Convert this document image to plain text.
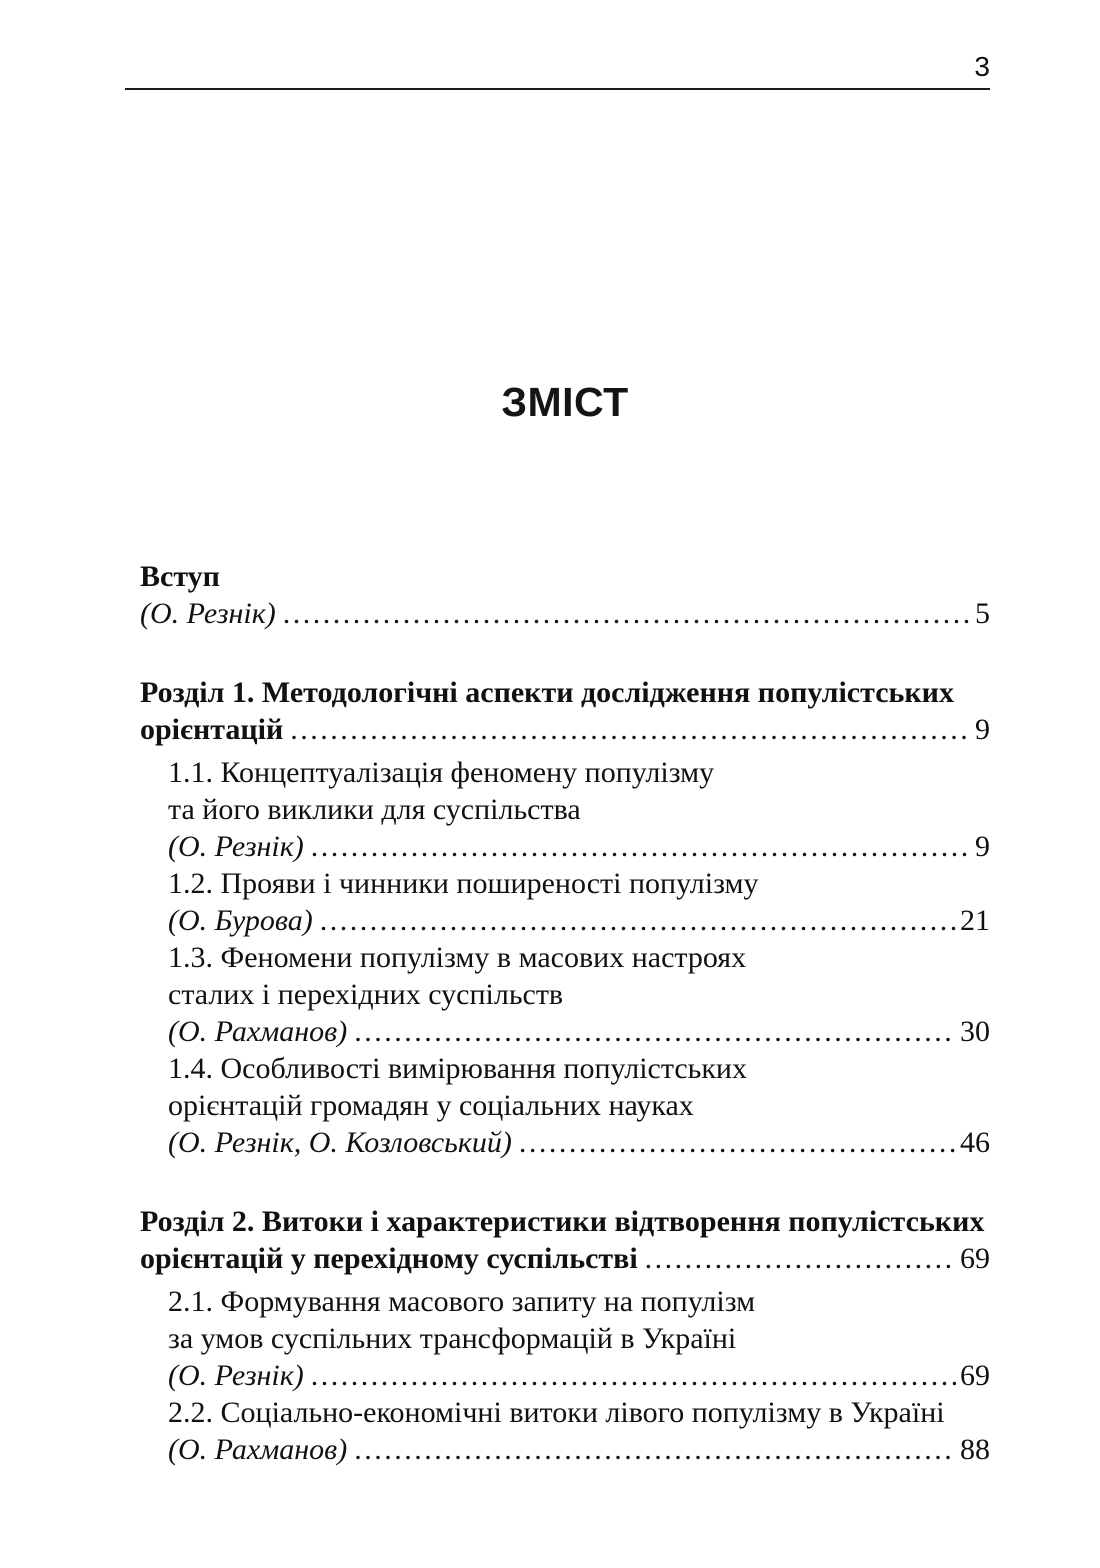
3
ЗМІСТ
Вступ
(О. Резнік) .....	5
Розділ 1. Методологічні аспекти дослідження популістських
орієнтацій .....	9
1.1. Концептуалізація феномену популізму
та його виклики для суспільства
(О. Резнік) .....	9
1.2. Прояви і чинники поширеності популізму
(О. Бурова) .....	21
1.3. Феномени популізму в масових настроях
сталих і перехідних суспільств
(О. Рахманов) .....	30
1.4. Особливості вимірювання популістських
орієнтацій громадян у соціальних науках
(О. Резнік, О. Козловський) .....	46
Розділ 2. Витоки і характеристики відтворення популістських
орієнтацій у перехідному суспільстві .....	69
2.1. Формування масового запиту на популізм
за умов суспільних трансформацій в Україні
(О. Резнік) .....	69
2.2. Соціально-економічні витоки лівого популізму в Україні
(О. Рахманов) .....	88
